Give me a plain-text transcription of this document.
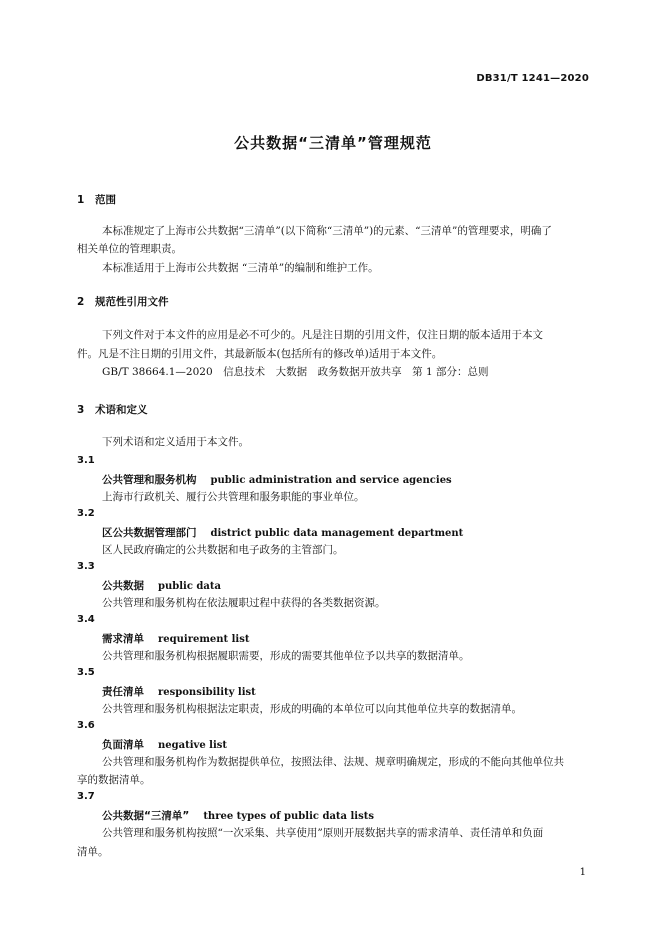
DB31/T 1241—2020
公共数据“三清单”管理规范
1 范围
本标准规定了上海市公共数据“三清单”(以下简称“三清单”)的元素、“三清单”的管理要求，明确了
相关单位的管理职责。
本标准适用于上海市公共数据 “三清单”的编制和维护工作。
2 规范性引用文件
下列文件对于本文件的应用是必不可少的。凡是注日期的引用文件，仅注日期的版本适用于本文
件。凡是不注日期的引用文件，其最新版本(包括所有的修改单)适用于本文件。
GB/T 38664.1—2020　信息技术　大数据　政务数据开放共享　第 1 部分：总则
3 术语和定义
下列术语和定义适用于本文件。
3.1
公共管理和服务机构 public administration and service agencies
上海市行政机关、履行公共管理和服务职能的事业单位。
3.2
区公共数据管理部门 district public data management department
区人民政府确定的公共数据和电子政务的主管部门。
3.3
公共数据 public data
公共管理和服务机构在依法履职过程中获得的各类数据资源。
3.4
需求清单 requirement list
公共管理和服务机构根据履职需要，形成的需要其他单位予以共享的数据清单。
3.5
责任清单 responsibility list
公共管理和服务机构根据法定职责，形成的明确的本单位可以向其他单位共享的数据清单。
3.6
负面清单 negative list
公共管理和服务机构作为数据提供单位，按照法律、法规、规章明确规定，形成的不能向其他单位共
享的数据清单。
3.7
公共数据“三清单” three types of public data lists
公共管理和服务机构按照“一次采集、共享使用”原则开展数据共享的需求清单、责任清单和负面
清单。
1
